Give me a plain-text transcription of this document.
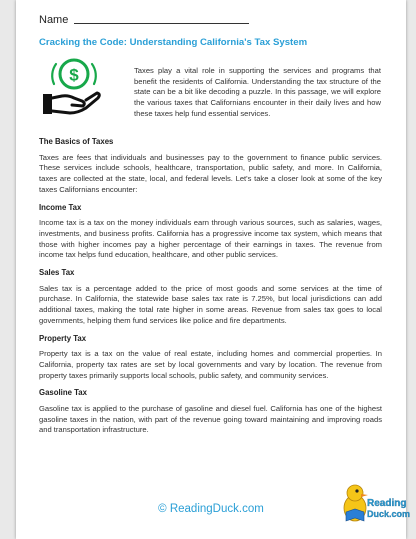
Name
Cracking the Code: Understanding California's Tax System
$	Taxes play a vital role in supporting the services and programs that benefit the residents of California. Understanding the tax structure of the state can be a bit like decoding a puzzle. In this passage, we will explore the various taxes that Californians encounter in their daily lives and how these taxes help fund essential services.
The Basics of Taxes

Taxes are fees that individuals and businesses pay to the government to finance public services. These services include schools, healthcare, transportation, public safety, and more. In California, taxes are collected at the state, local, and federal levels. Let's take a closer look at some of the key taxes Californians encounter:

Income Tax

Income tax is a tax on the money individuals earn through various sources, such as salaries, wages, investments, and business profits. California has a progressive income tax system, which means that those with higher incomes pay a higher percentage of their earnings in taxes. The revenue from income tax helps fund education, healthcare, and other public services.

Sales Tax

Sales tax is a percentage added to the price of most goods and some services at the time of purchase. In California, the statewide base sales tax rate is 7.25%, but local jurisdictions can add additional taxes, making the total rate higher in some areas. Revenue from sales tax goes to local governments, helping them fund services like police and fire departments.

Property Tax

Property tax is a tax on the value of real estate, including homes and commercial properties. In California, property tax rates are set by local governments and vary by location. The revenue from property taxes primarily supports local schools, public safety, and community services.

Gasoline Tax

Gasoline tax is applied to the purchase of gasoline and diesel fuel. California has one of the highest gasoline taxes in the nation, with part of the revenue going toward maintaining and improving roads and transportation infrastructure.

© ReadingDuck.com	Reading
Duck.com
